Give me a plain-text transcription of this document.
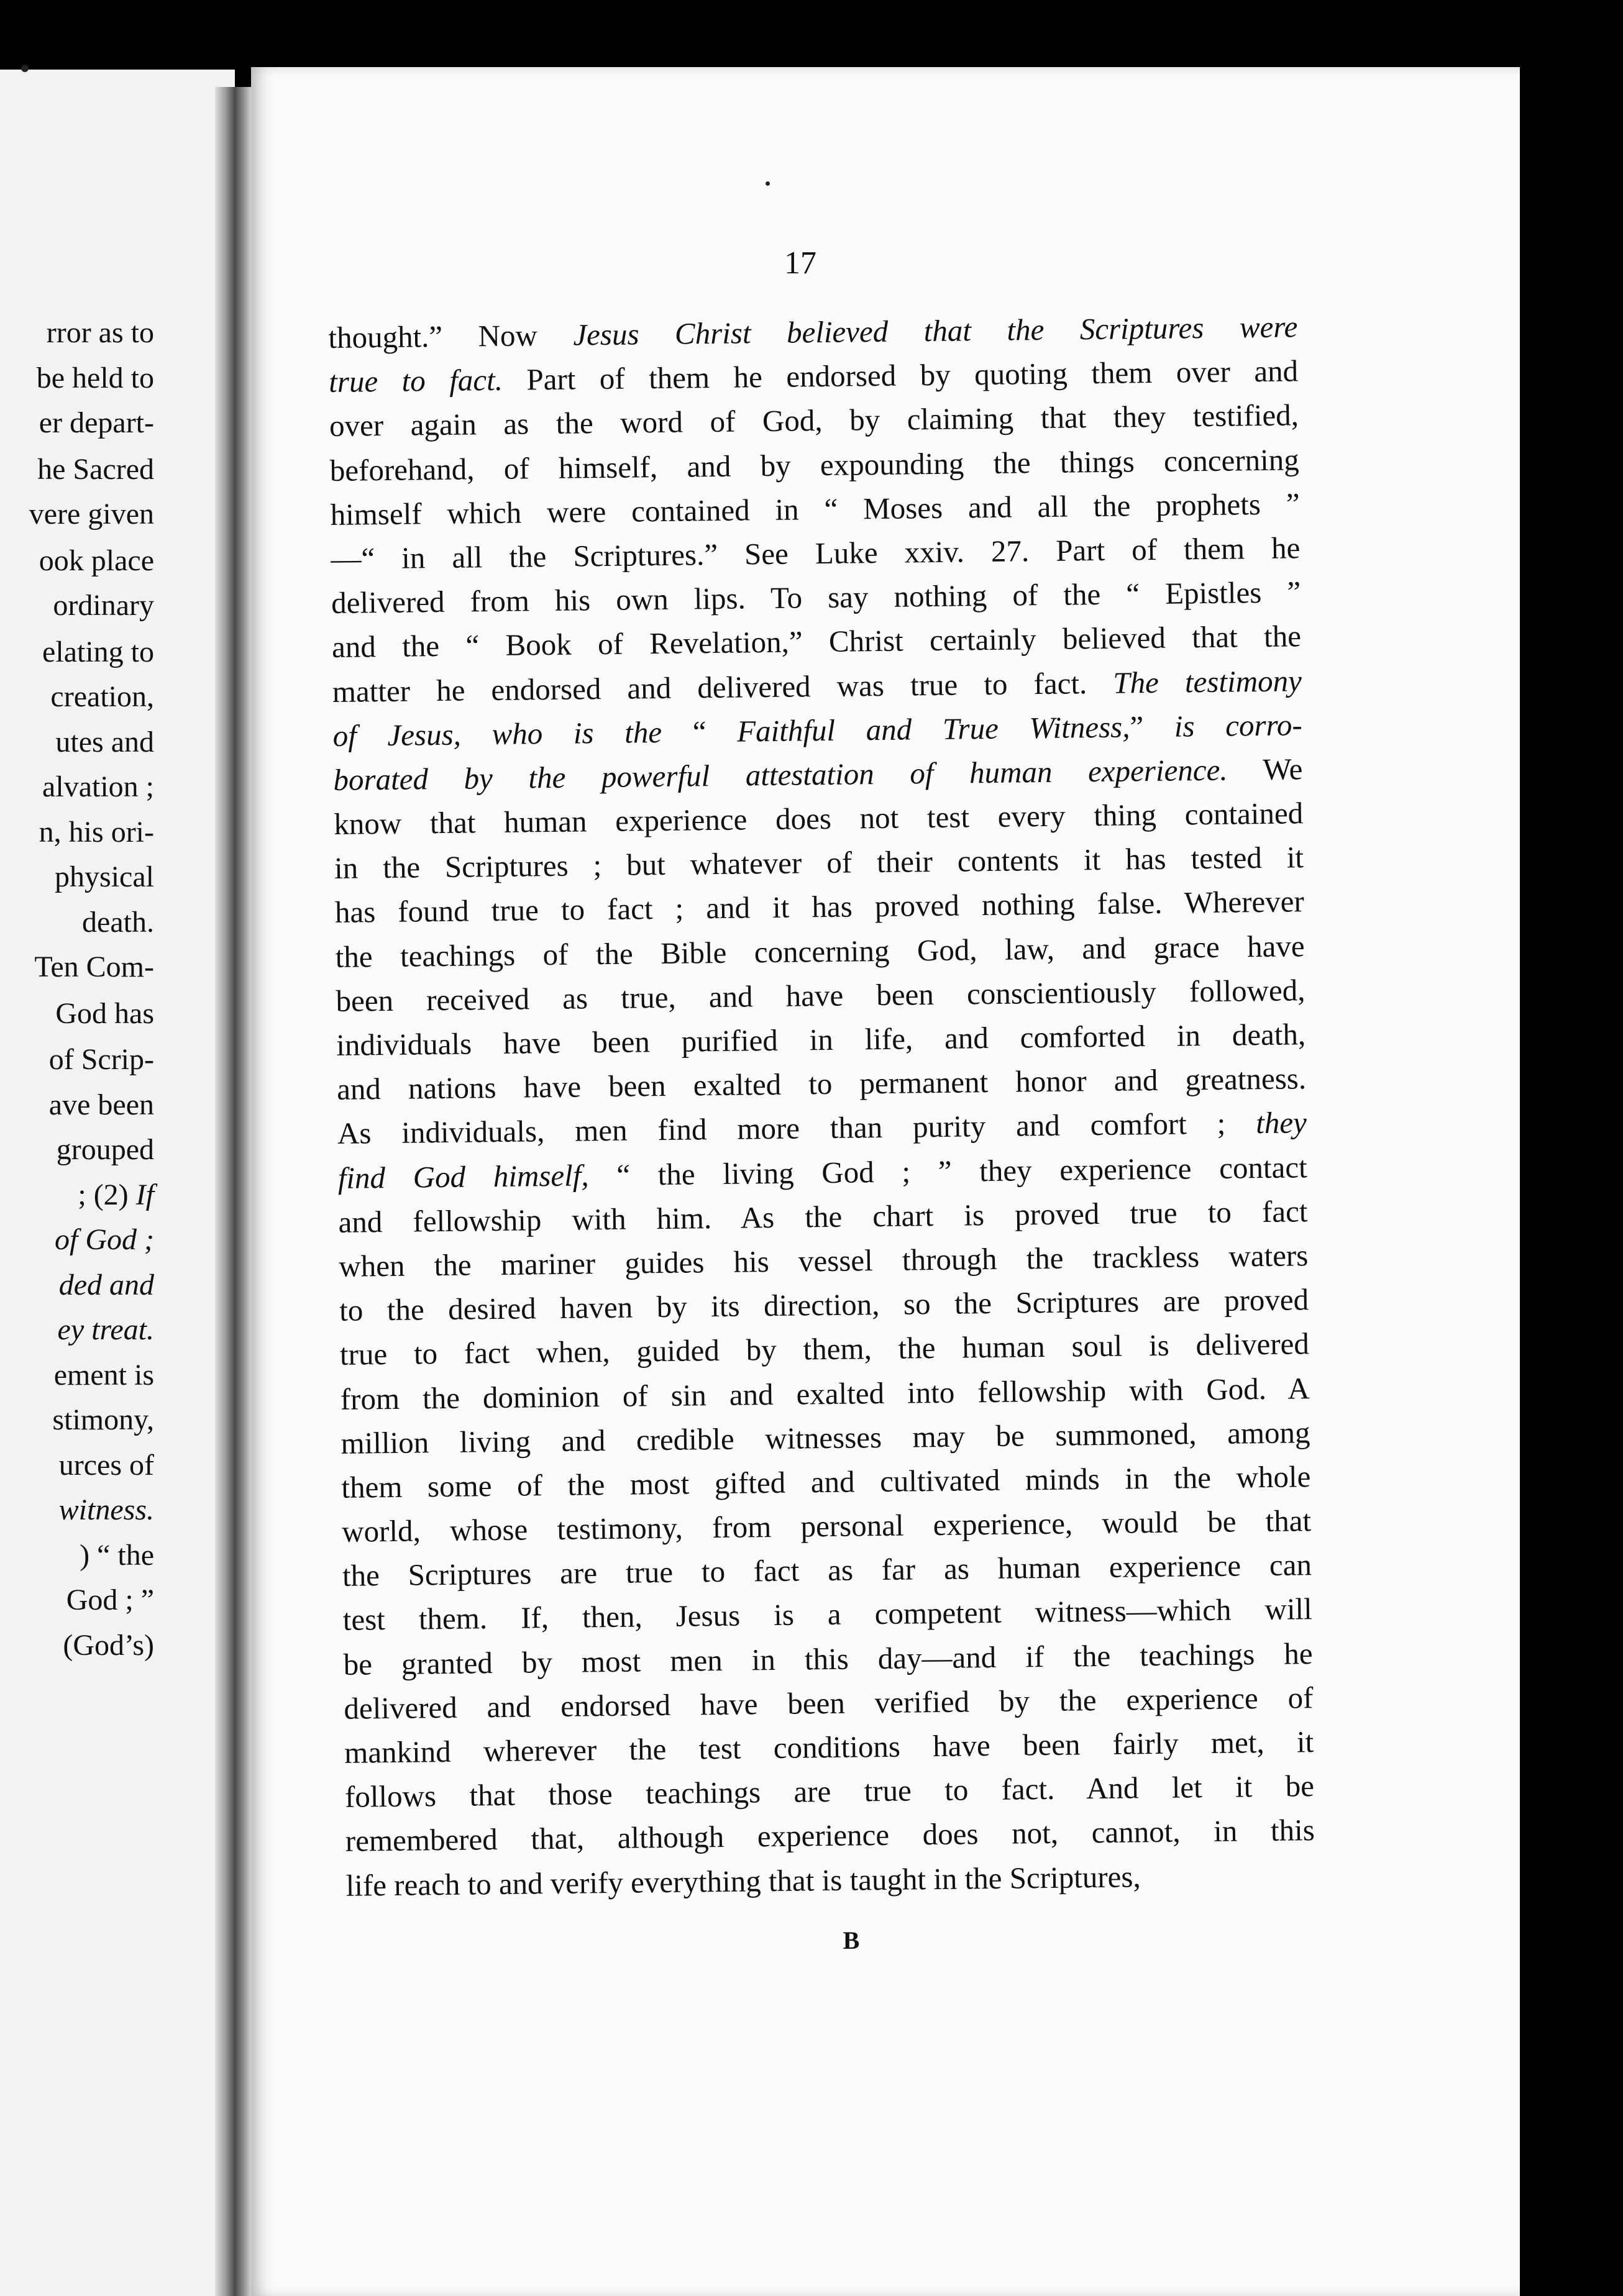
rror as to
be held to
er depart-
he Sacred
vere given
ook place
ordinary
elating to
creation,
utes and
alvation ;
n, his ori-
physical
death.
Ten Com-
God has
of Scrip-
ave been
grouped
; (2) If
of God ;
ded and
ey treat.
ement is
stimony,
urces of
witness.
) “ the
God ; ”
(God’s)
17
thought.” Now Jesus Christ believed that the Scriptures were
true to fact. Part of them he endorsed by quoting them over and
over again as the word of God, by claiming that they testified,
beforehand, of himself, and by expounding the things concerning
himself which were contained in “ Moses and all the prophets ”
—“ in all the Scriptures.” See Luke xxiv. 27. Part of them he
delivered from his own lips. To say nothing of the “ Epistles ”
and the “ Book of Revelation,” Christ certainly believed that the
matter he endorsed and delivered was true to fact. The testimony
of Jesus, who is the “ Faithful and True Witness,” is corro-
borated by the powerful attestation of human experience. We
know that human experience does not test every thing contained
in the Scriptures ; but whatever of their contents it has tested it
has found true to fact ; and it has proved nothing false. Wherever
the teachings of the Bible concerning God, law, and grace have
been received as true, and have been conscientiously followed,
individuals have been purified in life, and comforted in death,
and nations have been exalted to permanent honor and greatness.
As individuals, men find more than purity and comfort ; they
find God himself, “ the living God ; ” they experience contact
and fellowship with him. As the chart is proved true to fact
when the mariner guides his vessel through the trackless waters
to the desired haven by its direction, so the Scriptures are proved
true to fact when, guided by them, the human soul is delivered
from the dominion of sin and exalted into fellowship with God. A
million living and credible witnesses may be summoned, among
them some of the most gifted and cultivated minds in the whole
world, whose testimony, from personal experience, would be that
the Scriptures are true to fact as far as human experience can
test them. If, then, Jesus is a competent witness—which will
be granted by most men in this day—and if the teachings he
delivered and endorsed have been verified by the experience of
mankind wherever the test conditions have been fairly met, it
follows that those teachings are true to fact. And let it be
remembered that, although experience does not, cannot, in this
life reach to and verify everything that is taught in the Scriptures,
B
